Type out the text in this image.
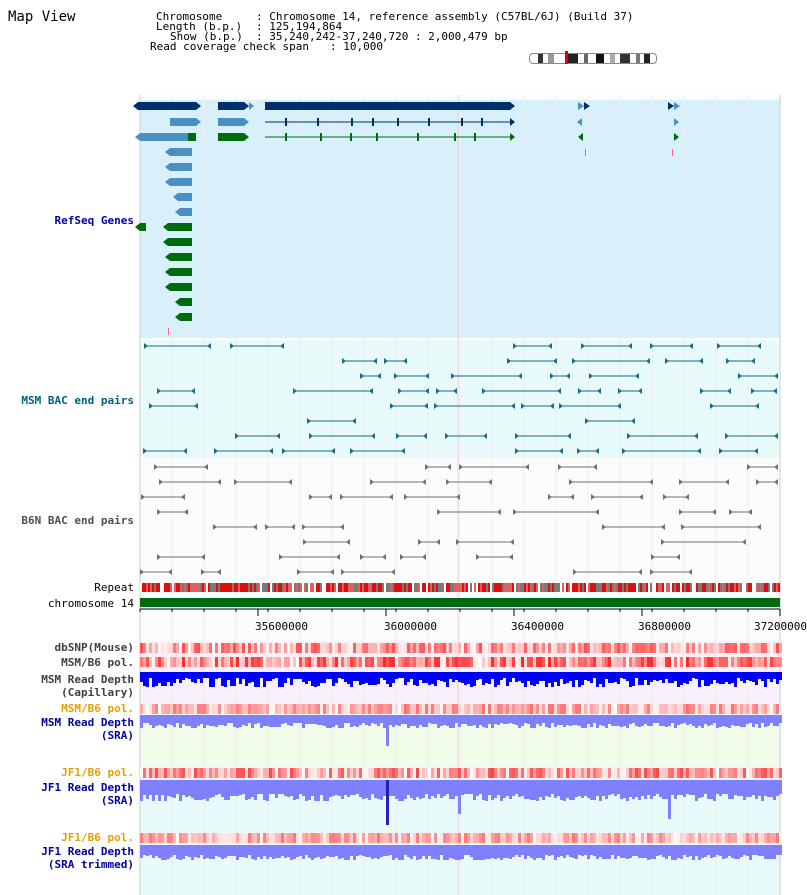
Map View	Chromosome	: Chromosome 14, reference assembly (C57BL/6J) (Build 37)
Length (b.p.) : 125,194,864
Show (b.p.) : 35,240,242-37,240,720 : 2,000,479 bp
Read coverage check span : 10,000
RefSeq Genes
MSM BAC end pairs
B6N BAC end pairs
Repeat
chromosome 14
dbSNP(Mouse)
MSM/B6 pol.
MSM Read Depth
(Capillary)
MSM/B6 pol.
MSM Read Depth
(SRA)
JF1/B6 pol.
JF1 Read Depth
(SRA)
JF1/B6 pol.
JF1 Read Depth
(SRA trimmed)
35600000	36000000	36400000	36800000	37200000
